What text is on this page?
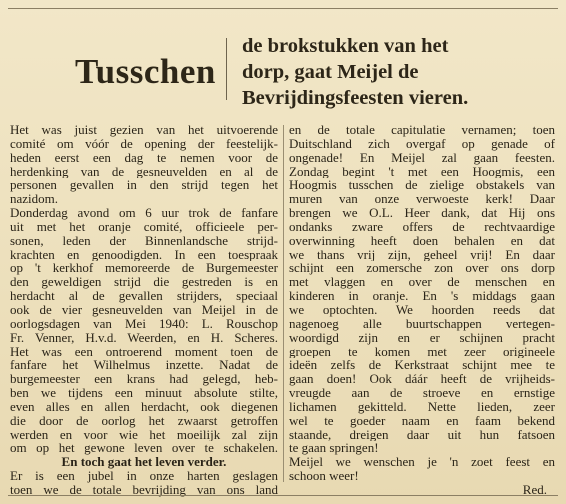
Tusschen
de brokstukken van het
dorp, gaat Meijel de
Bevrijdingsfeesten vieren.
Het was juist gezien van het uitvoerende
comité om vóór de opening der feestelijk-
heden eerst een dag te nemen voor de
herdenking van de gesneuvelden en al de
personen gevallen in den strijd tegen het
nazidom.
Donderdag avond om 6 uur trok de fanfare
uit met het oranje comité, officieele per-
sonen, leden der Binnenlandsche strijd-
krachten en genoodigden. In een toespraak
op 't kerkhof memoreerde de Burgemeester
den geweldigen strijd die gestreden is en
herdacht al de gevallen strijders, speciaal
ook de vier gesneuvelden van Meijel in de
oorlogsdagen van Mei 1940: L. Rouschop
Fr. Venner, H.v.d. Weerden, en H. Scheres.
Het was een ontroerend moment toen de
fanfare het Wilhelmus inzette. Nadat de
burgemeester een krans had gelegd, heb-
ben we tijdens een minuut absolute stilte,
even alles en allen herdacht, ook diegenen
die door de oorlog het zwaarst getroffen
werden en voor wie het moeilijk zal zijn
om op het gewone leven over te schakelen.
En toch gaat het leven verder.
Er is een jubel in onze harten geslagen
toen we de totale bevrijding van ons land
en de totale capitulatie vernamen; toen
Duitschland zich overgaf op genade of
ongenade! En Meijel zal gaan feesten.
Zondag begint 't met een Hoogmis, een
Hoogmis tusschen de zielige obstakels van
muren van onze verwoeste kerk! Daar
brengen we O.L. Heer dank, dat Hij ons
ondanks zware offers de rechtvaardige
overwinning heeft doen behalen en dat
we thans vrij zijn, geheel vrij! En daar
schijnt een zomersche zon over ons dorp
met vlaggen en over de menschen en
kinderen in oranje. En 's middags gaan
we optochten. We hoorden reeds dat
nagenoeg alle buurtschappen vertegen-
woordigd zijn en er schijnen pracht
groepen te komen met zeer origineele
ideën zelfs de Kerkstraat schijnt mee te
gaan doen! Ook dáár heeft de vrijheids-
vreugde aan de stroeve en ernstige
lichamen gekitteld. Nette lieden, zeer
wel te goeder naam en faam bekend
staande, dreigen daar uit hun fatsoen
te gaan springen!
Meijel we wenschen je 'n zoet feest en
schoon weer!
Red.
